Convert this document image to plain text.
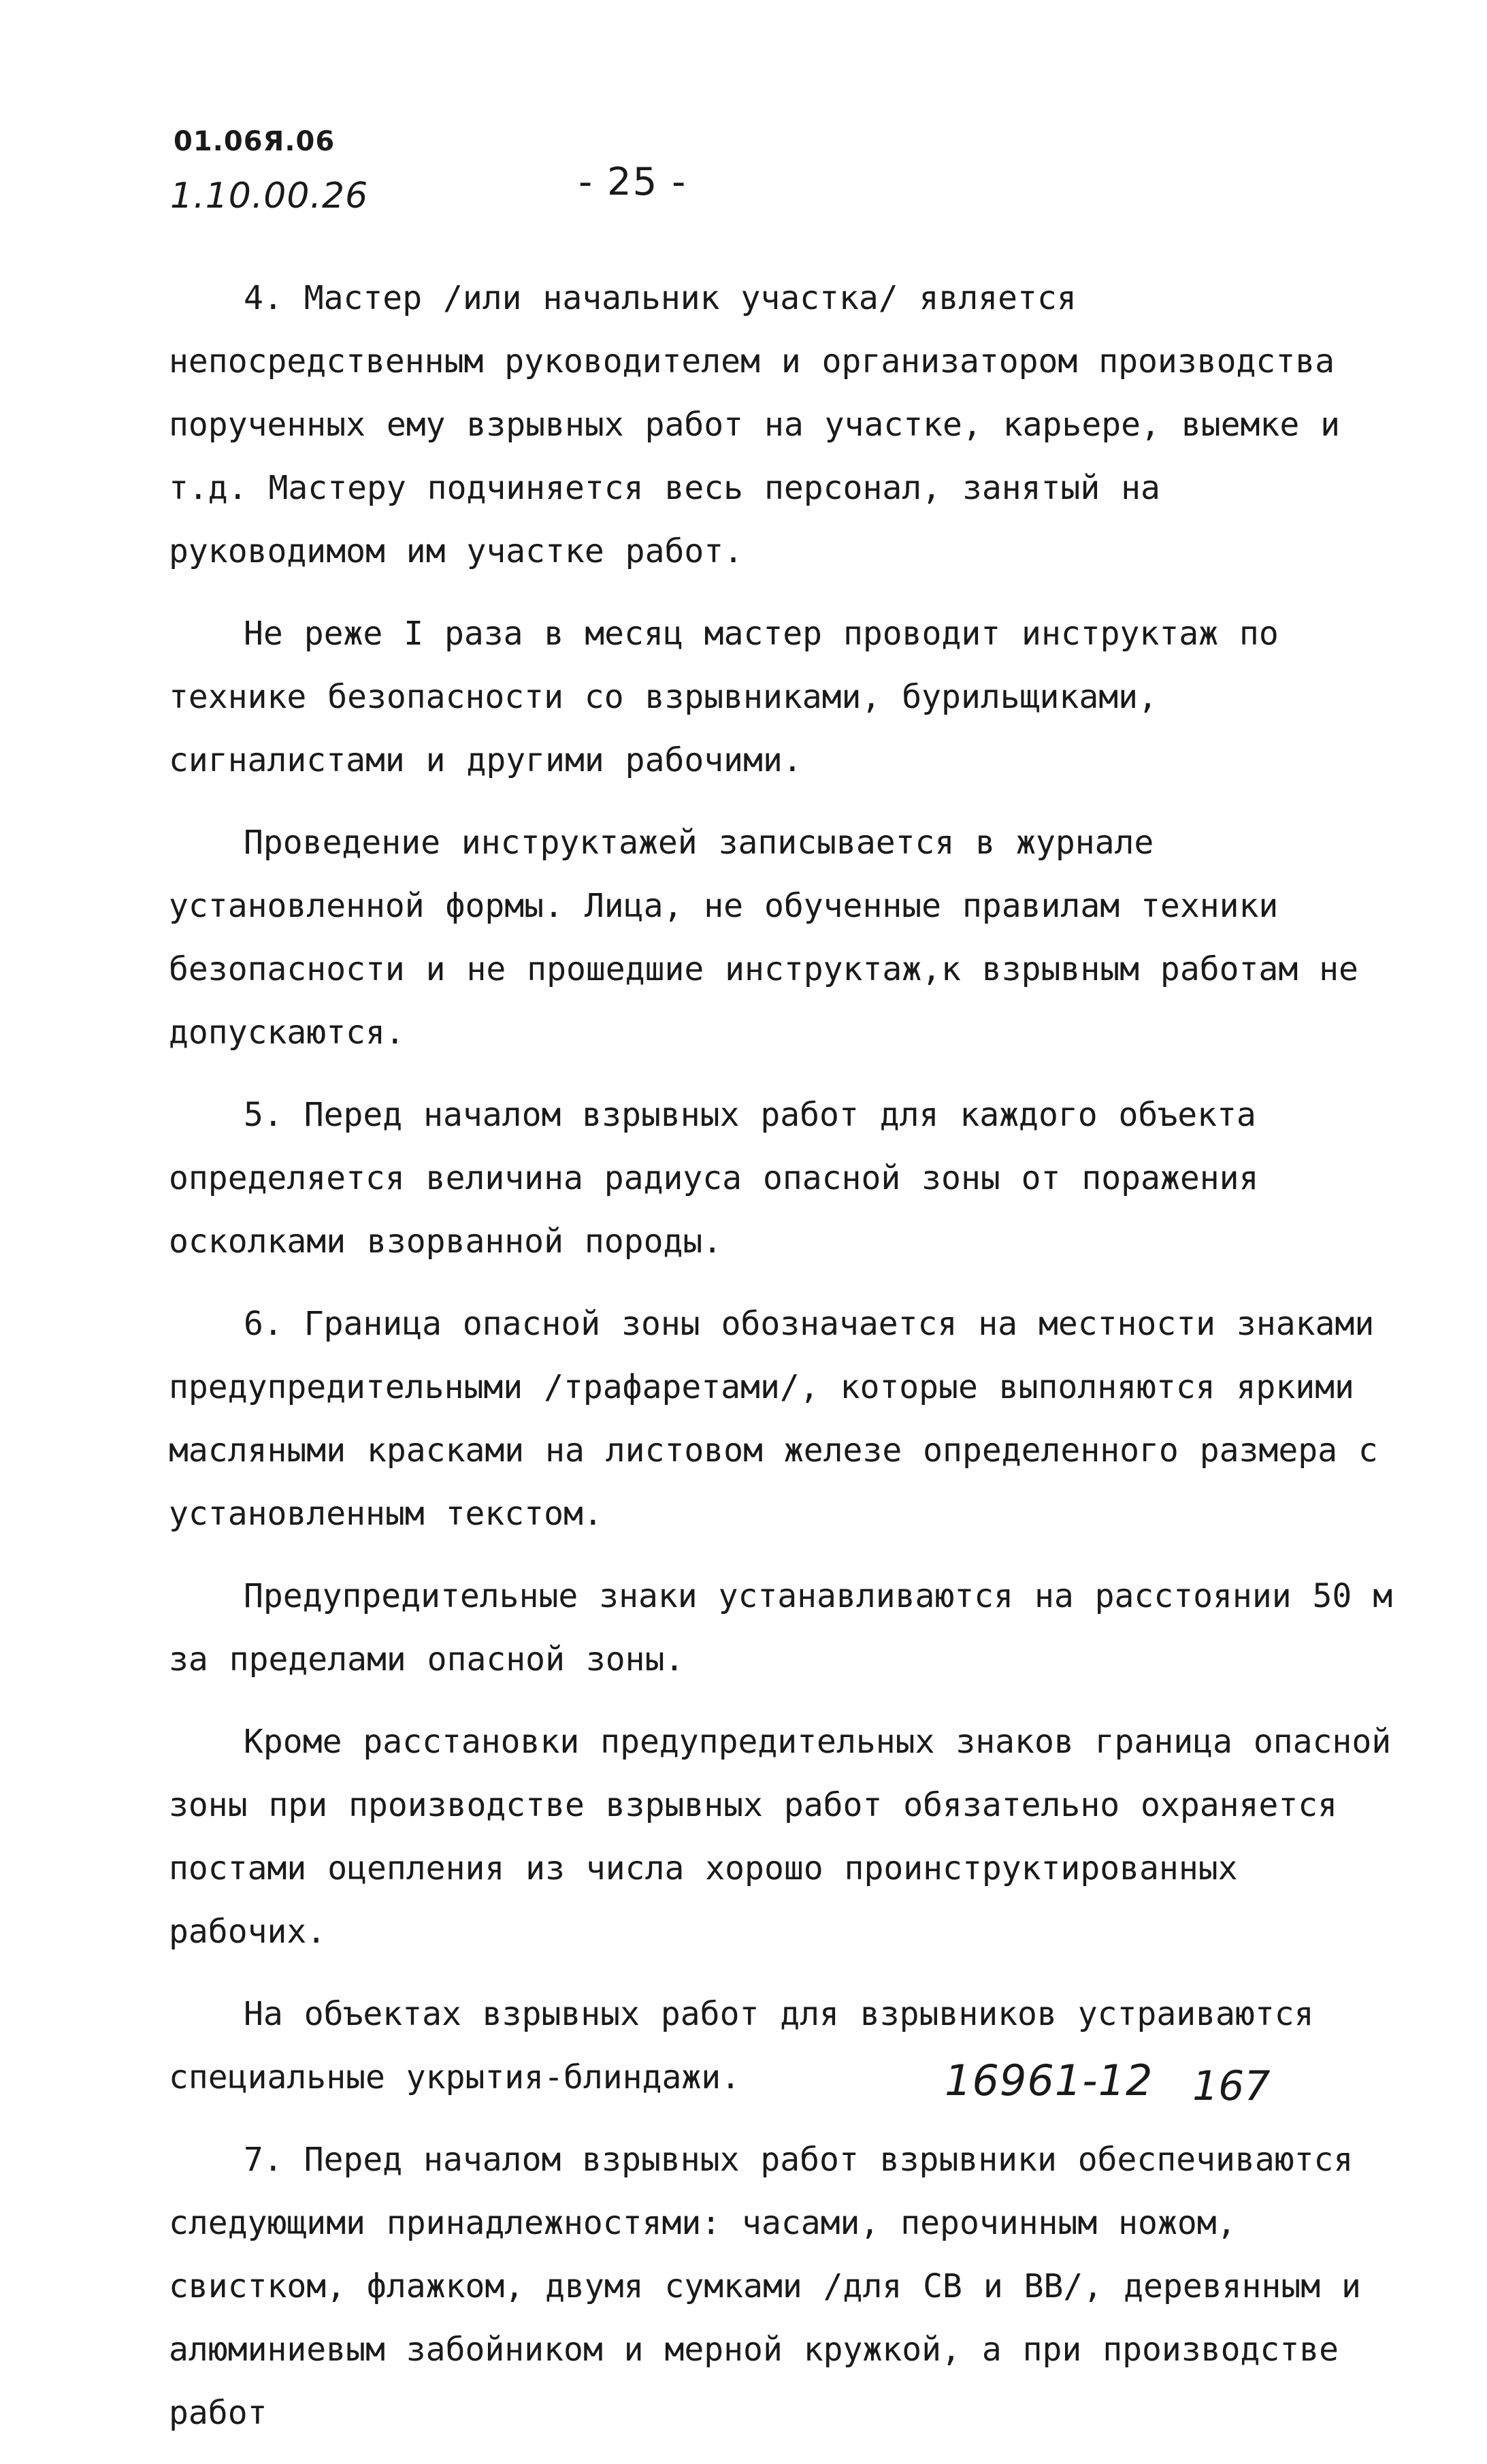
01.06Я.06
1.10.00.26	- 25 -

4. Мастер /или начальник участка/ является непосредственным руководителем и организатором производства порученных ему взрывных работ на участке, карьере, выемке и т.д. Мастеру подчиняется весь персонал, занятый на руководимом им участке работ.

Не реже I раза в месяц мастер проводит инструктаж по технике безопасности со взрывниками, бурильщиками, сигналистами и другими рабочими.

Проведение инструктажей записывается в журнале установленной формы. Лица, не обученные правилам техники безопасности и не прошедшие инструктаж,к взрывным работам не допускаются.

5. Перед началом взрывных работ для каждого объекта определяется величина радиуса опасной зоны от поражения осколками взорванной породы.

6. Граница опасной зоны обозначается на местности знаками предупредительными /трафаретами/, которые выполняются яркими масляными красками на листовом железе определенного размера с установленным текстом.

Предупредительные знаки устанавливаются на расстоянии 50 м за пределами опасной зоны.

Кроме расстановки предупредительных знаков граница опасной зоны при производстве взрывных работ обязательно охраняется постами оцепления из числа хорошо проинструктированных рабочих.

На объектах взрывных работ для взрывников устраиваются специальные укрытия-блиндажи.

7. Перед началом взрывных работ взрывники обеспечиваются следующими принадлежностями: часами, перочинным ножом, свистком, флажком, двумя сумками /для СВ и ВВ/, деревянным и алюминиевым забойником и мерной кружкой, а при производстве работ

16961-12 167
